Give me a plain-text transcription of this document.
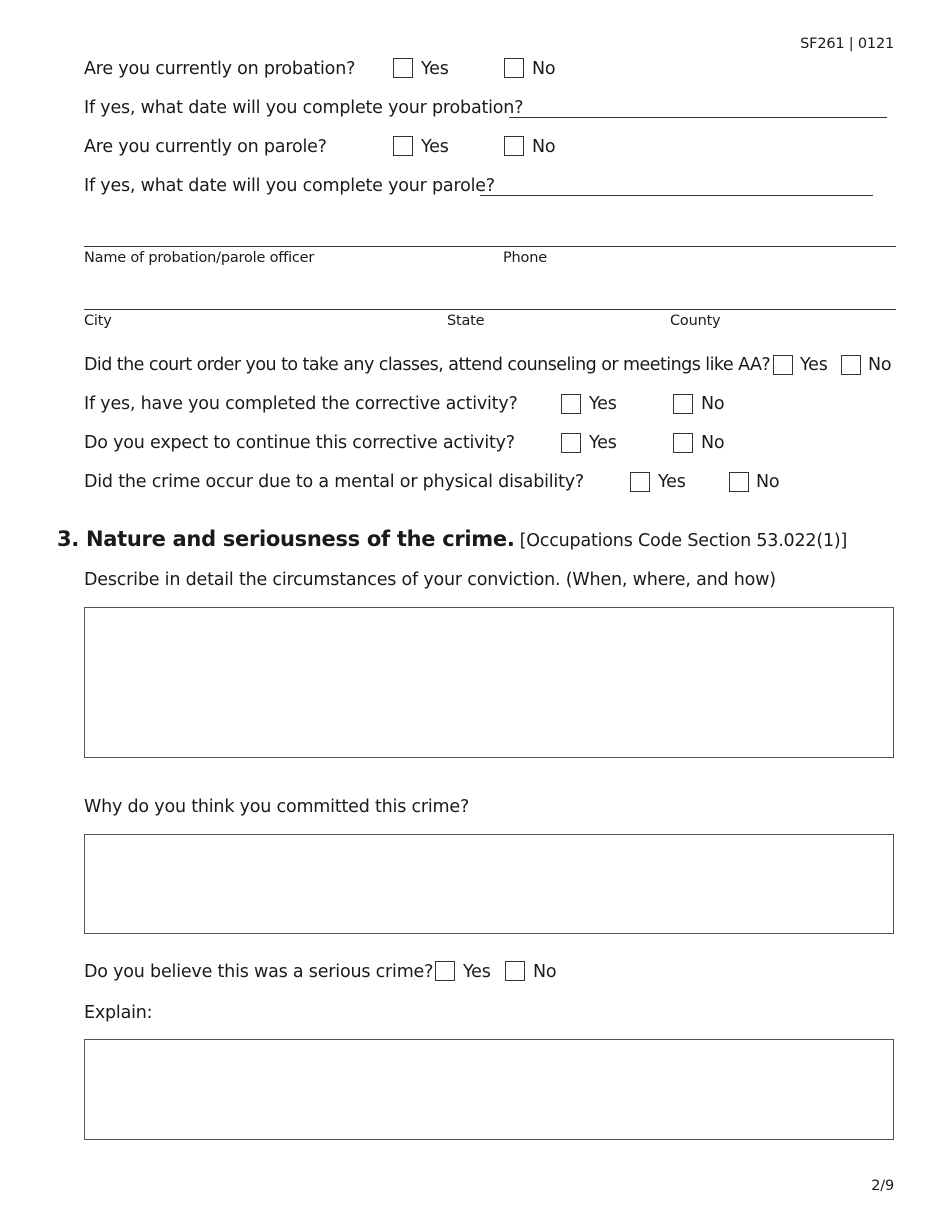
SF261 | 0121
Are you currently on probation?	Yes	No
If yes, what date will you complete your probation?
Are you currently on parole?	Yes	No
If yes, what date will you complete your parole?
Name of probation/parole officer	Phone
City	State	County
Did the court order you to take any classes, attend counseling or meetings like AA? Yes No
If yes, have you completed the corrective activity?	Yes	No
Do you expect to continue this corrective activity?	Yes	No
Did the crime occur due to a mental or physical disability?	Yes	No
3. Nature and seriousness of the crime. [Occupations Code Section 53.022(1)]
Describe in detail the circumstances of your conviction. (When, where, and how)
Why do you think you committed this crime?
Do you believe this was a serious crime? Yes No
Explain:
2/9
